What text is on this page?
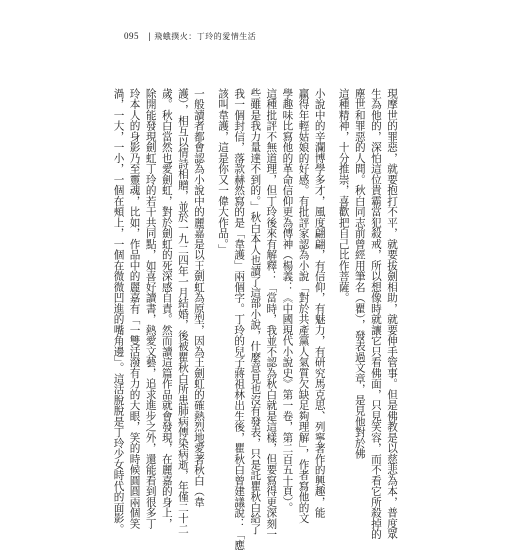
095 | 飛蛾撲火：丁玲的愛情生活
現摩世的罪惡，就要抱打不平，就要拔劍相助，就要伸手管事。但是佛教是以慈悲為本，普度眾
生為他的，深怕這位貴霸當犯殺戒，所以想像時就讓它只看佛面，只見笑容，而不看它所殺掉的
塵世和罪惡的人間。秋白同志前曾經用筆名（瞿），發表過文章，是見他對於佛
這種精神，十分推崇，喜歡把自己比作菩薩。
小說中的辛瀾博學多才，風度翩翩，有信仰，有魅力，有研究馬克思、列寧著作的興趣，能
贏得年輕姑娘的好感。有批評家認為小說「對於共產黨人氣質欠缺足夠理解」，作者寫他的文
學趣味比寫他的革命信仰更為傳神（楊義：《中國現代小說史》第一卷，第二百五十頁）。
這種批評不無道理，但丁玲後來有解釋：「當時，我並不認為秋白就是這樣，但要寫得更深刻一
些雖是我力量達不到的。」秋白本人也讀了這部小說，什麼意見也沒有發表，只是託瞿秋白給了
我一個封信，落款赫然寫的是「韋護」兩個字。丁玲的兒子蔣祖林出生後，瞿秋白曾建議說：「應
該叫韋護，這是你又一偉大作品。」
一般讀者都會認為小說中的麗嘉是以王劍虹為原型，因為王劍虹的確熱烈地愛著秋白（韋
護），相互以情詩相贈，並於一九二四年一月結婚，後被瞿秋白所患肺病傳染病逝，年僅二十二
歲。秋白當然也愛劍虹，對於劍虹的死深感自責。然而讀這篇作品就會發現，在麗嘉的身上，
除開能發現劍虹丁玲的若干共同點，如喜好讀書，熱愛文藝，追求進步之外，還能看到很多丁
玲本人的身影乃至靈魂，比如，作品中的麗嘉有「一雙活潑有力的大眼，笑的時候圓圓兩個笑
渦，一大，一小，一個在頰上，一個在微微凹進的嘴角邊」。這活脫脫是丁玲少女時代的面影。
